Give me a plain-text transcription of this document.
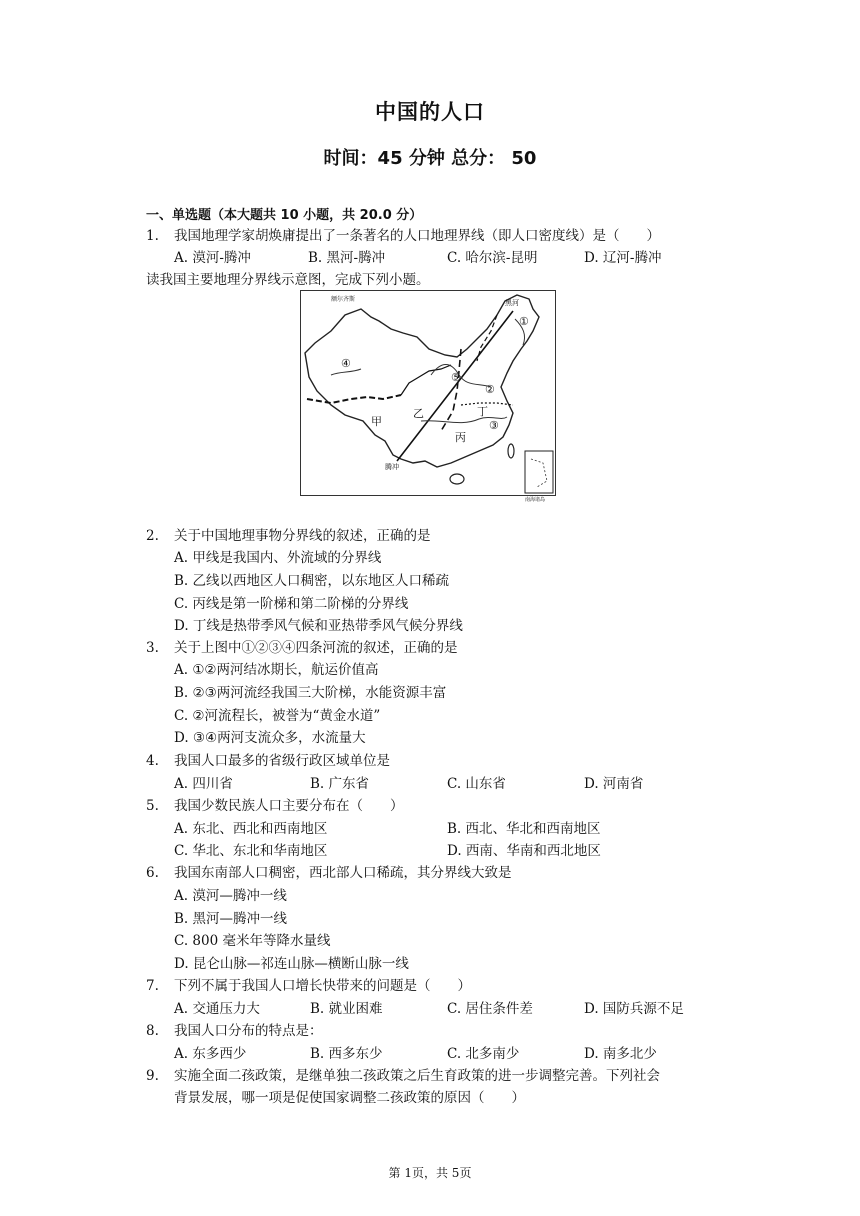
中国的人口
时间：45 分钟 总分： 50
一、单选题（本大题共 10 小题，共 20.0 分）
1. 我国地理学家胡焕庸提出了一条著名的人口地理界线（即人口密度线）是（　　）
A. 漠河-腾冲	B. 黑河-腾冲	C. 哈尔滨-昆明	D. 辽河-腾冲
读我国主要地理分界线示意图，完成下列小题。
黑河
腾冲
额尔齐斯
南海诸岛
①
②
③
④
⑤
甲
乙
丙
丁
2. 关于中国地理事物分界线的叙述，正确的是
A. 甲线是我国内、外流域的分界线
B. 乙线以西地区人口稠密，以东地区人口稀疏
C. 丙线是第一阶梯和第二阶梯的分界线
D. 丁线是热带季风气候和亚热带季风气候分界线
3. 关于上图中①②③④四条河流的叙述，正确的是
A. ①②两河结冰期长，航运价值高
B. ②③两河流经我国三大阶梯，水能资源丰富
C. ②河流程长，被誉为“黄金水道”
D. ③④两河支流众多，水流量大
4. 我国人口最多的省级行政区域单位是
A. 四川省	B. 广东省	C. 山东省	D. 河南省
5. 我国少数民族人口主要分布在（　　）
A. 东北、西北和西南地区	B. 西北、华北和西南地区
C. 华北、东北和华南地区	D. 西南、华南和西北地区
6. 我国东南部人口稠密，西北部人口稀疏，其分界线大致是
A. 漠河—腾冲一线
B. 黑河—腾冲一线
C. 800 毫米年等降水量线
D. 昆仑山脉—祁连山脉—横断山脉一线
7. 下列不属于我国人口增长快带来的问题是（　　）
A. 交通压力大	B. 就业困难	C. 居住条件差	D. 国防兵源不足
8. 我国人口分布的特点是：
A. 东多西少	B. 西多东少	C. 北多南少	D. 南多北少
9. 实施全面二孩政策，是继单独二孩政策之后生育政策的进一步调整完善。下列社会
背景发展，哪一项是促使国家调整二孩政策的原因（　　）
第 1页，共 5页
